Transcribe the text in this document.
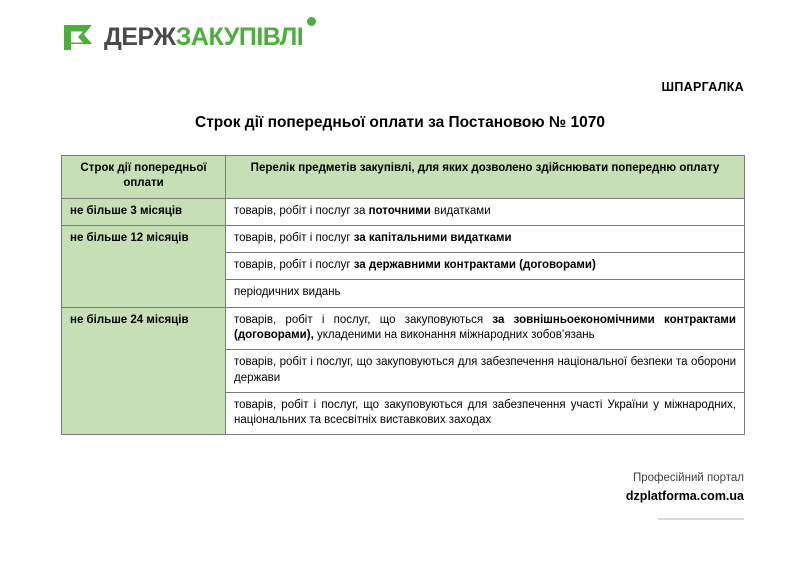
ДЕРЖЗАКУПІВЛІ
ШПАРГАЛКА
Строк дії попередньої оплати за Постановою № 1070
Строк дії попередньої оплати	Перелік предметів закупівлі, для яких дозволено здійснювати попередню оплату
не більше 3 місяців	товарів, робіт і послуг за поточними видатками
не більше 12 місяців	товарів, робіт і послуг за капітальними видатками
	товарів, робіт і послуг за державними контрактами (договорами)
	періодичних видань
не більше 24 місяців	товарів, робіт і послуг, що закуповуються за зовнішньоекономічними контрактами (договорами), укладеними на виконання міжнародних зобов’язань
	товарів, робіт і послуг, що закуповуються для забезпечення національної безпеки та оборони держави
	товарів, робіт і послуг, що закуповуються для забезпечення участі України у міжнародних, національних та всесвітніх виставкових заходах
Професійний портал
dzplatforma.com.ua
